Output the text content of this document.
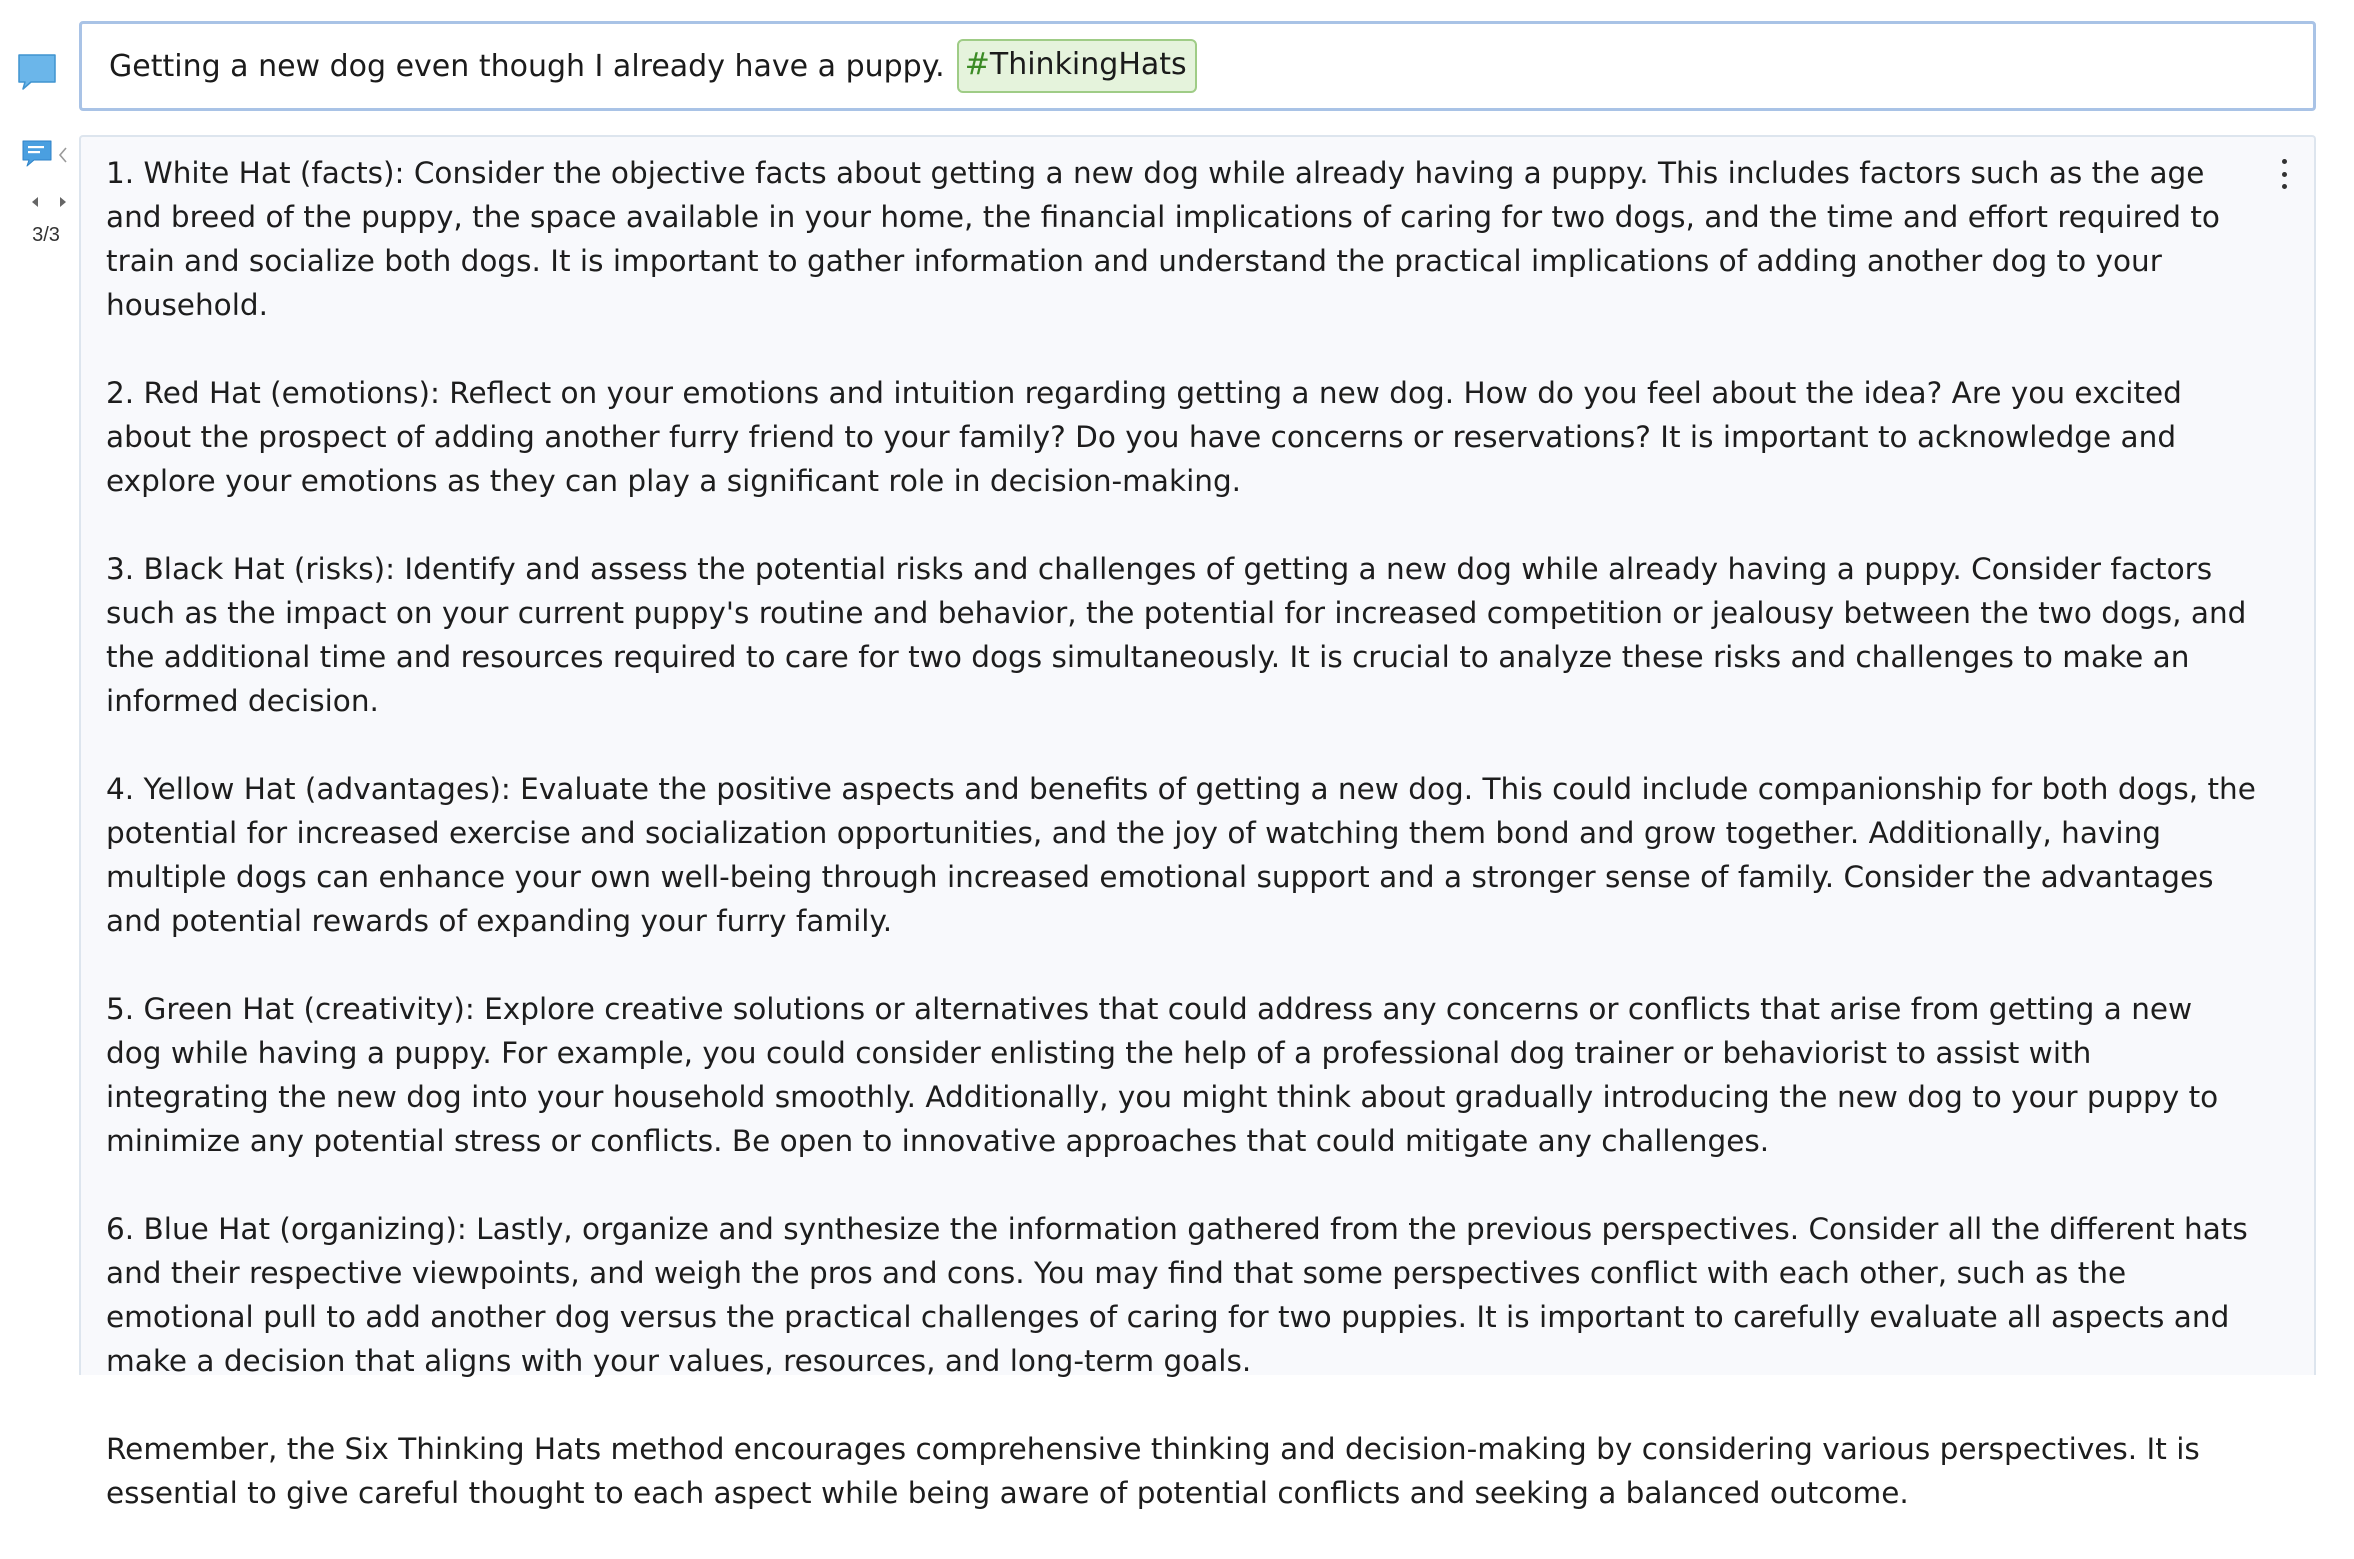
3/3
Getting a new dog even though I already have a puppy. #ThinkingHats

1. White Hat (facts): Consider the objective facts about getting a new dog while already having a puppy. This includes factors such as the age and breed of the puppy, the space available in your home, the financial implications of caring for two dogs, and the time and effort required to train and socialize both dogs. It is important to gather information and understand the practical implications of adding another dog to your household.

2. Red Hat (emotions): Reflect on your emotions and intuition regarding getting a new dog. How do you feel about the idea? Are you excited about the prospect of adding another furry friend to your family? Do you have concerns or reservations? It is important to acknowledge and explore your emotions as they can play a significant role in decision-making.

3. Black Hat (risks): Identify and assess the potential risks and challenges of getting a new dog while already having a puppy. Consider factors such as the impact on your current puppy's routine and behavior, the potential for increased competition or jealousy between the two dogs, and the additional time and resources required to care for two dogs simultaneously. It is crucial to analyze these risks and challenges to make an informed decision.

4. Yellow Hat (advantages): Evaluate the positive aspects and benefits of getting a new dog. This could include companionship for both dogs, the potential for increased exercise and socialization opportunities, and the joy of watching them bond and grow together. Additionally, having multiple dogs can enhance your own well-being through increased emotional support and a stronger sense of family. Consider the advantages and potential rewards of expanding your furry family.

5. Green Hat (creativity): Explore creative solutions or alternatives that could address any concerns or conflicts that arise from getting a new dog while having a puppy. For example, you could consider enlisting the help of a professional dog trainer or behaviorist to assist with integrating the new dog into your household smoothly. Additionally, you might think about gradually introducing the new dog to your puppy to minimize any potential stress or conflicts. Be open to innovative approaches that could mitigate any challenges.

6. Blue Hat (organizing): Lastly, organize and synthesize the information gathered from the previous perspectives. Consider all the different hats and their respective viewpoints, and weigh the pros and cons. You may find that some perspectives conflict with each other, such as the emotional pull to add another dog versus the practical challenges of caring for two puppies. It is important to carefully evaluate all aspects and make a decision that aligns with your values, resources, and long-term goals.

Remember, the Six Thinking Hats method encourages comprehensive thinking and decision-making by considering various perspectives. It is essential to give careful thought to each aspect while being aware of potential conflicts and seeking a balanced outcome.
